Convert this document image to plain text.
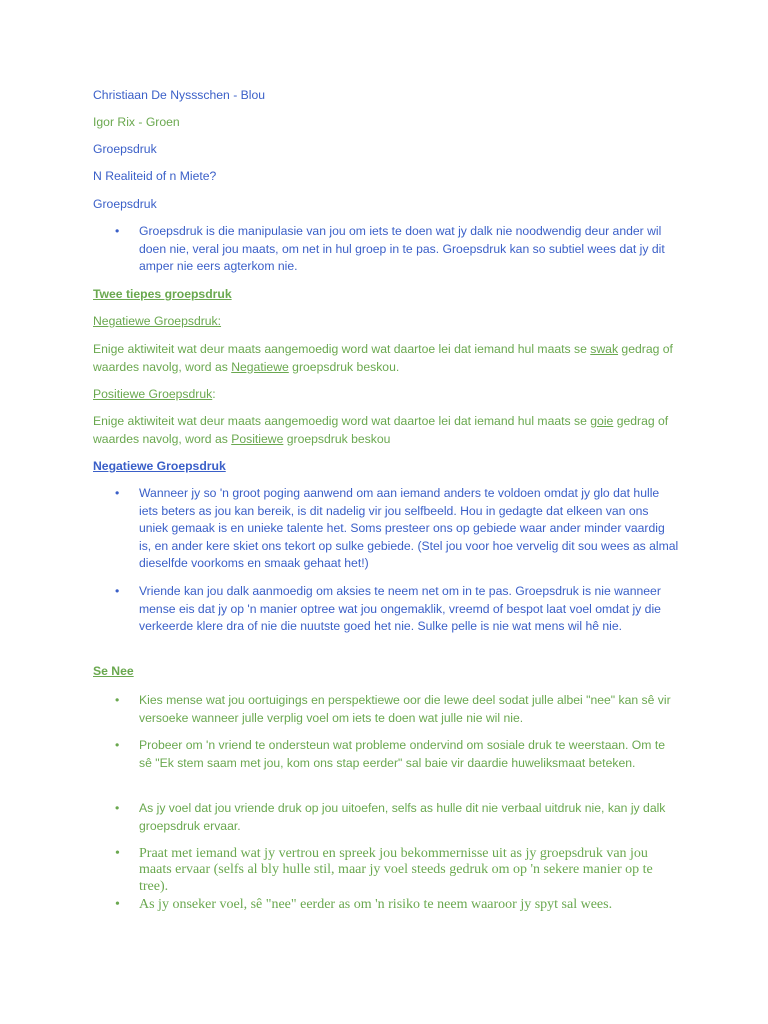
Christiaan De Nyssschen - Blou

Igor Rix - Groen

Groepsdruk

N Realiteid of n Miete?

Groepsdruk

• Groepsdruk is die manipulasie van jou om iets te doen wat jy dalk nie noodwendig deur ander wil doen nie, veral jou maats, om net in hul groep in te pas. Groepsdruk kan so subtiel wees dat jy dit amper nie eers agterkom nie.

Twee tiepes groepsdruk

Negatiewe Groepsdruk:

Enige aktiwiteit wat deur maats aangemoedig word wat daartoe lei dat iemand hul maats se swak gedrag of waardes navolg, word as Negatiewe groepsdruk beskou.

Positiewe Groepsdruk:

Enige aktiwiteit wat deur maats aangemoedig word wat daartoe lei dat iemand hul maats se goie gedrag of waardes navolg, word as Positiewe groepsdruk beskou

Negatiewe Groepsdruk

• Wanneer jy so 'n groot poging aanwend om aan iemand anders te voldoen omdat jy glo dat hulle iets beters as jou kan bereik, is dit nadelig vir jou selfbeeld. Hou in gedagte dat elkeen van ons uniek gemaak is en unieke talente het. Soms presteer ons op gebiede waar ander minder vaardig is, en ander kere skiet ons tekort op sulke gebiede. (Stel jou voor hoe vervelig dit sou wees as almal dieselfde voorkoms en smaak gehaat het!)
• Vriende kan jou dalk aanmoedig om aksies te neem net om in te pas. Groepsdruk is nie wanneer mense eis dat jy op 'n manier optree wat jou ongemaklik, vreemd of bespot laat voel omdat jy die verkeerde klere dra of nie die nuutste goed het nie. Sulke pelle is nie wat mens wil hê nie.

Se Nee

• Kies mense wat jou oortuigings en perspektiewe oor die lewe deel sodat julle albei "nee" kan sê vir versoeke wanneer julle verplig voel om iets te doen wat julle nie wil nie.
• Probeer om 'n vriend te ondersteun wat probleme ondervind om sosiale druk te weerstaan. Om te sê "Ek stem saam met jou, kom ons stap eerder" sal baie vir daardie huweliksmaat beteken.
• As jy voel dat jou vriende druk op jou uitoefen, selfs as hulle dit nie verbaal uitdruk nie, kan jy dalk groepsdruk ervaar.
• Praat met iemand wat jy vertrou en spreek jou bekommernisse uit as jy groepsdruk van jou maats ervaar (selfs al bly hulle stil, maar jy voel steeds gedruk om op 'n sekere manier op te tree).
• As jy onseker voel, sê "nee" eerder as om 'n risiko te neem waaroor jy spyt sal wees.
